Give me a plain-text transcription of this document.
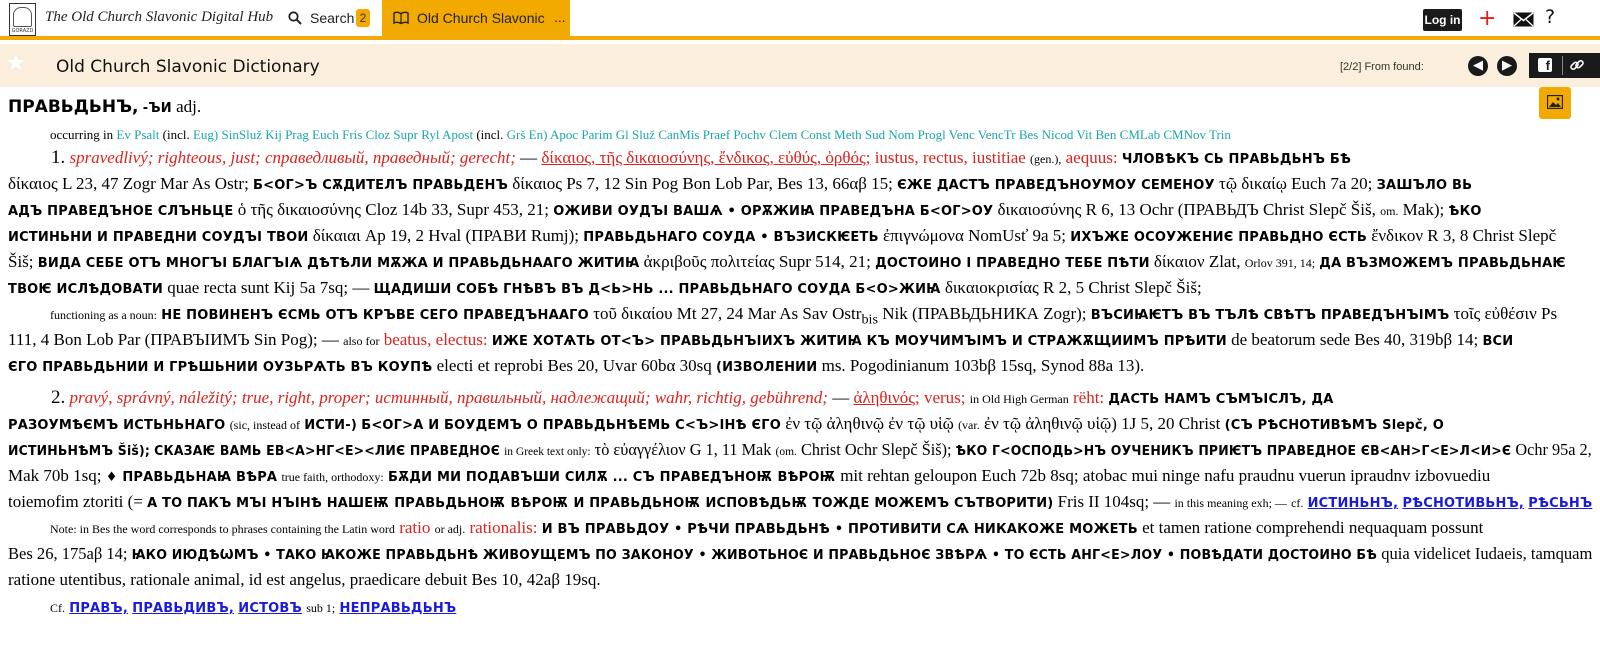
GORAZD
The Old Church Slavonic Digital Hub	Search 2	Old Church Slavonic ...	Log in +	?
★ Old Church Slavonic Dictionary	[2/2] From found:	◀	▶	f
ПРАВЬДЬНЪ, -ЪИ adj.
occurring in Ev Psalt (incl. Eug) SinSluž Kij Prag Euch Fris Cloz Supr Ryl Apost (incl. Grš En) Apoc Parim Gl Služ CanMis Praef Pochv Clem Const Meth Sud Nom Progl Venc VencTr Bes Nicod Vit Ben CMLab CMNov Trin
1. spravedlivý; righteous, just; справедливый, праведный; gerecht; — δίκαιος, τῆς δικαιοσύνης, ἔνδικος, εὐθύς, ὀρθός; iustus, rectus, iustitiae (gen.), aequus: ЧЛОВѢКЪ СЬ ПРАВЬДЬНЪ БѢ
δίκαιος L 23, 47 Zogr Mar As Ostr; Б<ОГ>Ъ СѪДИТЕЛЪ ПРАВЬДЕНЪ δίκαιος Ps 7, 12 Sin Pog Bon Lob Par, Bes 13, 66αβ 15; ЄЖЕ ДАСТЪ ПРАВЕДЪНОУМОУ СЕМЕНОУ τῷ δικαίῳ Euch 7a 20; ЗАШЪЛО ВЬ
АДЪ ПРАВЕДЪНОЕ СЛЪНЬЦЕ ὁ τῆς δικαιοσύνης Cloz 14b 33, Supr 453, 21; ОЖИВИ ОУДЪІ ВАШѦ • ОРѪЖИꙖ ПРАВЕДЪНА Б<ОГ>ОУ δικαιοσύνης R 6, 13 Ochr (ПРАВЬДЪ Christ Slepč Šiš, om. Mak); ѢКО
ИСТИНЬНИ И ПРАВЕДНИ СОУДЪІ ТВОИ δίκαιαι Ap 19, 2 Hval (ПРАВИ Rumj); ПРАВЬДЬНАГО СОУДА • ВЪЗИСКѤЕТЬ ἐπιγνώμονα NomUsť 9a 5; ИХЪЖЕ ОСОУЖЕНИЄ ПРАВЬДНО ЄСТЬ ἔνδικον R 3, 8 Christ Slepč
Šiš; ВИДА СЕБЕ ОТЪ МНОГЪІ БЛАГЪІѦ ДѢТѢЛИ МѪЖА И ПРАВЬДЬНААГО ЖИТИꙖ ἀκριβοῦς πολιτείας Supr 514, 21; ДОСТОИНО І ПРАВЕДНО ТЕБЕ ПѢТИ δίκαιον Zlat, Orlov 391, 14; ДА ВЪЗМОЖЕМЪ ПРАВЬДЬНАѤ
ТВОѤ ИСЛѢДОВАТИ quae recta sunt Kij 5a 7sq; — ЩАДИШИ СОБѢ ГНѢВЪ ВЪ Д<Ь>НЬ ... ПРАВЬДЬНАГО СОУДА Б<О>ЖИꙖ δικαιοκρισίας R 2, 5 Christ Slepč Šiš;
functioning as a noun: НЕ ПОВИНЕНЪ ЄСМЬ ОТЪ КРЪВЕ СЕГО ПРАВЕДЪНААГО τοῦ δικαίου Mt 27, 24 Mar As Sav Ostr$_{bis}$ Nik (ПРАВЬДЬНИКА Zogr); ВЪСИꙖѤТЪ ВЪ ТЪЛѢ СВѢТЪ ПРАВЕДЪНЪІМЪ τοῖς εὐθέσιν Ps
111, 4 Bon Lob Par (ПРАВЪІИМЪ Sin Pog); — also for beatus, electus: ИЖЕ ХОТѦТЬ ОТ<Ъ> ПРАВЬДЬНЪІИХЪ ЖИТИꙖ КЪ МОУЧИМЪІМЪ И СТРАЖѪЩИИМЪ ПРѢИТИ de beatorum sede Bes 40, 319bβ 14; ВСИ
ЄГО ПРАВЬДЬНИИ И ГРѢШЬНИИ ОУЗЬРѦТЬ ВЪ КОУПѢ electi et reprobi Bes 20, Uvar 60bα 30sq (ИЗВОЛЕНИИ ms. Pogodinianum 103bβ 15sq, Synod 88a 13).
2. pravý, správný, náležitý; true, right, proper; истинный, правильный, надлежащий; wahr, richtig, gebührend; — ἀληθινός; verus; in Old High German rëht: ДАСТЬ НАМЪ СЪМЪІСЛЪ, ДА
РАЗОУМѢЄМЪ ИСТЬНЬНАГО (sic, instead of ИСТИ-) Б<ОГ>А И БОУДЕМЪ О ПРАВЬДЬНѢЕМЬ С<Ъ>ІНѢ ЄГО ἐν τῷ ἀληθινῷ ἐν τῷ υἱῷ (var. ἐν τῷ ἀληθινῷ υἱῷ) 1J 5, 20 Christ (СЪ РѢСНОТИВѢМЪ Slepč, О
ИСТИНЬНѢМЪ Šiš); СКАЗАѤ ВАМЬ ЕВ<А>НГ<Е><ЛИЄ ПРАВЕДНОЄ in Greek text only: τὸ εὐαγγέλιον G 1, 11 Mak (om. Christ Ochr Slepč Šiš); ѢКО Г<ОСПОДЬ>НЪ ОУЧЕНИКЪ ПРИѤТЪ ПРАВЕДНОЕ ЄВ<АН>Г<Е>Л<И>Є Ochr 95a 2,
Mak 70b 1sq; ♦ ПРАВЬДЬНАꙖ ВѢРА true faith, orthodoxy: БѪДИ МИ ПОДАВЪШИ СИЛѪ ... СЪ ПРАВЕДЪНОѬ ВѢРОѬ mit rehtan geloupon Euch 72b 8sq; atobac mui ninge nafu praudnu vuerun ipraudnv izbovuediu
toiemofim ztoriti (= А ТО ПАКЪ МЪІ НЪІНѢ НАШЕѬ ПРАВЬДЬНОѬ ВѢРОѬ И ПРАВЬДЬНОѬ ИСПОВѢДЬѬ ТОЖДЕ МОЖЕМЪ СЪТВОРИТИ) Fris II 104sq; — in this meaning exh; — cf. ИСТИНЬНЪ, РѢСНОТИВЬНЪ, РѢСЬНЪ
Note: in Bes the word corresponds to phrases containing the Latin word ratio or adj. rationalis: И ВЪ ПРАВЬДОУ • РѢЧИ ПРАВЬДЬНѢ • ПРОТИВИТИ СѦ НИКАКОЖЕ МОЖЕТЬ et tamen ratione comprehendi nequaquam possunt
Bes 26, 175aβ 14; ꙖКО ИЮДѢѠМЪ • ТАКО ꙖКОЖЕ ПРАВЬДЬНѢ ЖИВОУЩЕМЪ ПО ЗАКОНОУ • ЖИВОТЬНОЄ И ПРАВЬДЬНОЄ ЗВѢРѦ • ТО ЄСТЬ АНГ<Е>ЛОУ • ПОВѢДАТИ ДОСТОИНО БѢ quia videlicet Iudaeis, tamquam
ratione utentibus, rationale animal, id est angelus, praedicare debuit Bes 10, 42aβ 19sq.
Cf. ПРАВЪ, ПРАВЬДИВЪ, ИСТОВЪ sub 1; НЕПРАВЬДЬНЪ
